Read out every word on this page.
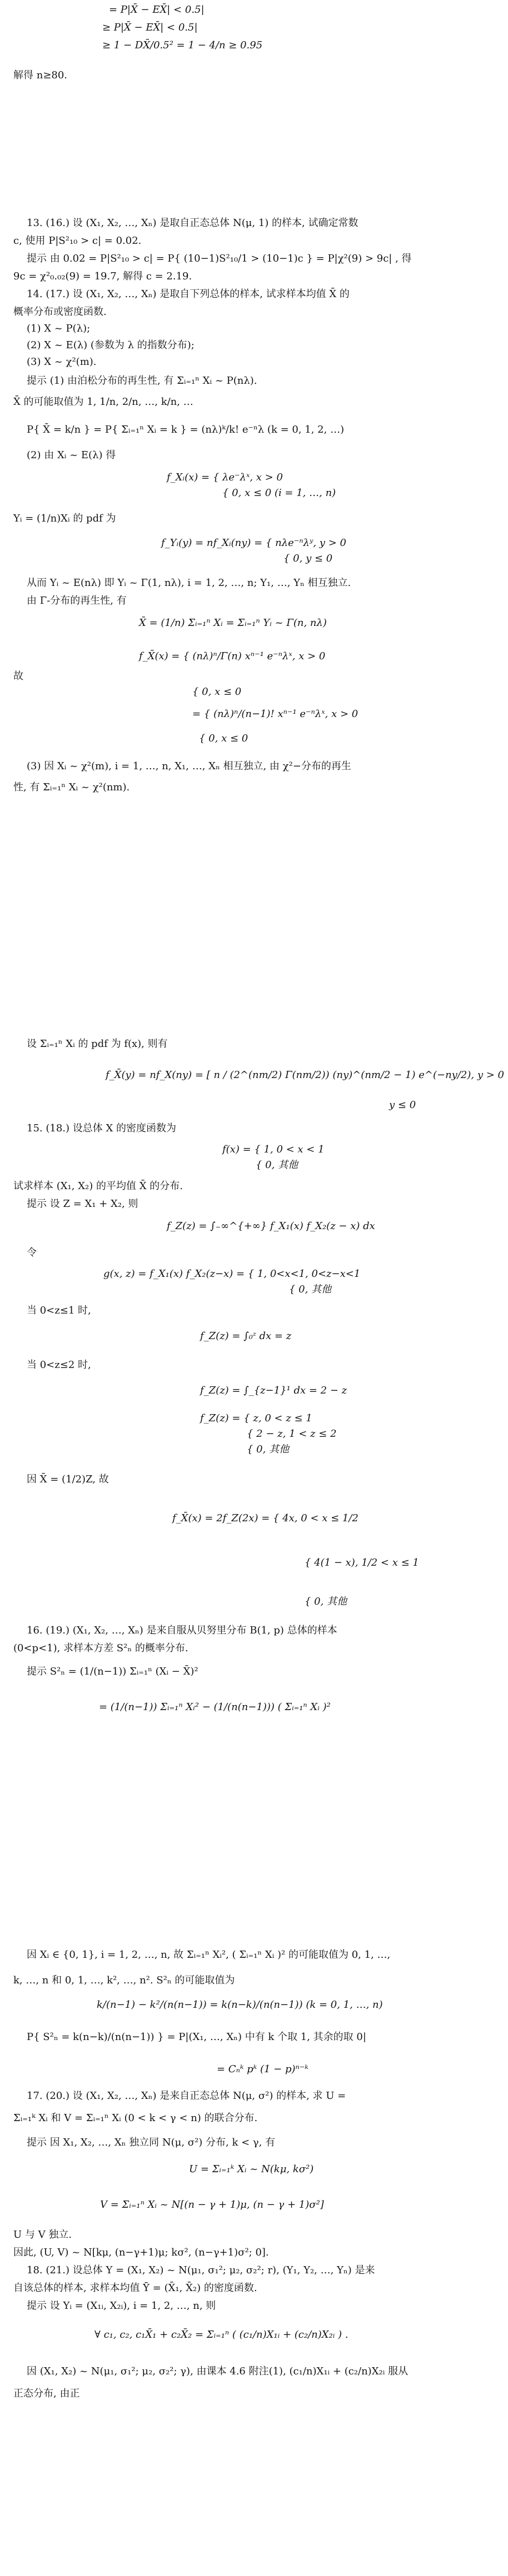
= P|X̄ − EX̄| < 0.5|
≥ P|X̄ − EX̄| < 0.5|
≥ 1 − DX̄/0.5² = 1 − 4/n ≥ 0.95
解得 n≥80.
13. (16.) 设 (X₁, X₂, …, Xₙ) 是取自正态总体 N(μ, 1) 的样本, 试确定常数
c, 使用 P|S²₁₀ > c| = 0.02.
提示 由 0.02 = P|S²₁₀ > c| = P{ (10−1)S²₁₀/1 > (10−1)c } = P|χ²(9) > 9c| , 得
9c = χ²₀.₀₂(9) = 19.7, 解得 c = 2.19.
14. (17.) 设 (X₁, X₂, …, Xₙ) 是取自下列总体的样本, 试求样本均值 X̄ 的
概率分布或密度函数.
(1) X ~ P(λ);
(2) X ~ E(λ) (参数为 λ 的指数分布);
(3) X ~ χ²(m).
提示 (1) 由泊松分布的再生性, 有 Σᵢ₌₁ⁿ Xᵢ ~ P(nλ).
X̄ 的可能取值为 1, 1/n, 2/n, …, k/n, …
P{ X̄ = k/n } = P{ Σᵢ₌₁ⁿ Xᵢ = k } = (nλ)ᵏ/k! e⁻ⁿλ (k = 0, 1, 2, …)
(2) 由 Xᵢ ~ E(λ) 得
f_Xᵢ(x) = { λe⁻λˣ, x > 0
{ 0, x ≤ 0 (i = 1, …, n)
Yᵢ = (1/n)Xᵢ 的 pdf 为
f_Yᵢ(y) = nf_Xᵢ(ny) = { nλe⁻ⁿλʸ, y > 0
{ 0, y ≤ 0
从而 Yᵢ ~ E(nλ) 即 Yᵢ ~ Γ(1, nλ), i = 1, 2, …, n; Y₁, …, Yₙ 相互独立.
由 Γ-分布的再生性, 有
X̄ = (1/n) Σᵢ₌₁ⁿ Xᵢ = Σᵢ₌₁ⁿ Yᵢ ~ Γ(n, nλ)
f_X̄(x) = { (nλ)ⁿ/Γ(n) xⁿ⁻¹ e⁻ⁿλˣ, x > 0
故
{ 0, x ≤ 0
= { (nλ)ⁿ/(n−1)! xⁿ⁻¹ e⁻ⁿλˣ, x > 0
{ 0, x ≤ 0
(3) 因 Xᵢ ~ χ²(m), i = 1, …, n, X₁, …, Xₙ 相互独立, 由 χ²−分布的再生
性, 有 Σᵢ₌₁ⁿ Xᵢ ~ χ²(nm).
设 Σᵢ₌₁ⁿ Xᵢ 的 pdf 为 f(x), 则有
f_X̄(y) = nf_X(ny) = [ n / (2^(nm/2) Γ(nm/2)) (ny)^(nm/2 − 1) e^(−ny/2), y > 0
y ≤ 0
15. (18.) 设总体 X 的密度函数为
f(x) = { 1, 0 < x < 1
{ 0, 其他
试求样本 (X₁, X₂) 的平均值 X̄ 的分布.
提示 设 Z = X₁ + X₂, 则
f_Z(z) = ∫₋∞^{+∞} f_X₁(x) f_X₂(z − x) dx
令
g(x, z) = f_X₁(x) f_X₂(z−x) = { 1, 0<x<1, 0<z−x<1
{ 0, 其他
当 0<z≤1 时,
f_Z(z) = ∫₀ᶻ dx = z
当 0<z≤2 时,
f_Z(z) = ∫_{z−1}¹ dx = 2 − z
f_Z(z) = { z, 0 < z ≤ 1
{ 2 − z, 1 < z ≤ 2
{ 0, 其他
因 X̄ = (1/2)Z, 故
f_X̄(x) = 2f_Z(2x) = { 4x, 0 < x ≤ 1/2
{ 4(1 − x), 1/2 < x ≤ 1
{ 0, 其他
16. (19.) (X₁, X₂, …, Xₙ) 是来自服从贝努里分布 B(1, p) 总体的样本
(0<p<1), 求样本方差 S²ₙ 的概率分布.
提示 S²ₙ = (1/(n−1)) Σᵢ₌₁ⁿ (Xᵢ − X̄)²
= (1/(n−1)) Σᵢ₌₁ⁿ Xᵢ² − (1/(n(n−1))) ( Σᵢ₌₁ⁿ Xᵢ )²
因 Xᵢ ∈ {0, 1}, i = 1, 2, …, n, 故 Σᵢ₌₁ⁿ Xᵢ², ( Σᵢ₌₁ⁿ Xᵢ )² 的可能取值为 0, 1, …,
k, …, n 和 0, 1, …, k², …, n². S²ₙ 的可能取值为
k/(n−1) − k²/(n(n−1)) = k(n−k)/(n(n−1)) (k = 0, 1, …, n)
P{ S²ₙ = k(n−k)/(n(n−1)) } = P|(X₁, …, Xₙ) 中有 k 个取 1, 其余的取 0|
= Cₙᵏ pᵏ (1 − p)ⁿ⁻ᵏ
17. (20.) 设 (X₁, X₂, …, Xₙ) 是来自正态总体 N(μ, σ²) 的样本, 求 U =
Σᵢ₌₁ᵏ Xᵢ 和 V = Σᵢ₌₁ⁿ Xᵢ (0 < k < γ < n) 的联合分布.
提示 因 X₁, X₂, …, Xₙ 独立同 N(μ, σ²) 分布, k < γ, 有
U = Σᵢ₌₁ᵏ Xᵢ ~ N(kμ, kσ²)
V = Σᵢ₌₁ⁿ Xᵢ ~ N[(n − γ + 1)μ, (n − γ + 1)σ²]
U 与 V 独立.
因此, (U, V) ~ N[kμ, (n−γ+1)μ; kσ², (n−γ+1)σ²; 0].
18. (21.) 设总体 Y = (X₁, X₂) ~ N(μ₁, σ₁²; μ₂, σ₂²; r), (Y₁, Y₂, …, Yₙ) 是来
自该总体的样本, 求样本均值 Ȳ = (X̄₁, X̄₂) 的密度函数.
提示 设 Yᵢ = (X₁ᵢ, X₂ᵢ), i = 1, 2, …, n, 则
∀ c₁, c₂, c₁X̄₁ + c₂X̄₂ = Σᵢ₌₁ⁿ ( (c₁/n)X₁ᵢ + (c₂/n)X₂ᵢ ) .
因 (X₁, X₂) ~ N(μ₁, σ₁²; μ₂, σ₂²; γ), 由课本 4.6 附注(1), (c₁/n)X₁ᵢ + (c₂/n)X₂ᵢ 服从
正态分布, 由正
